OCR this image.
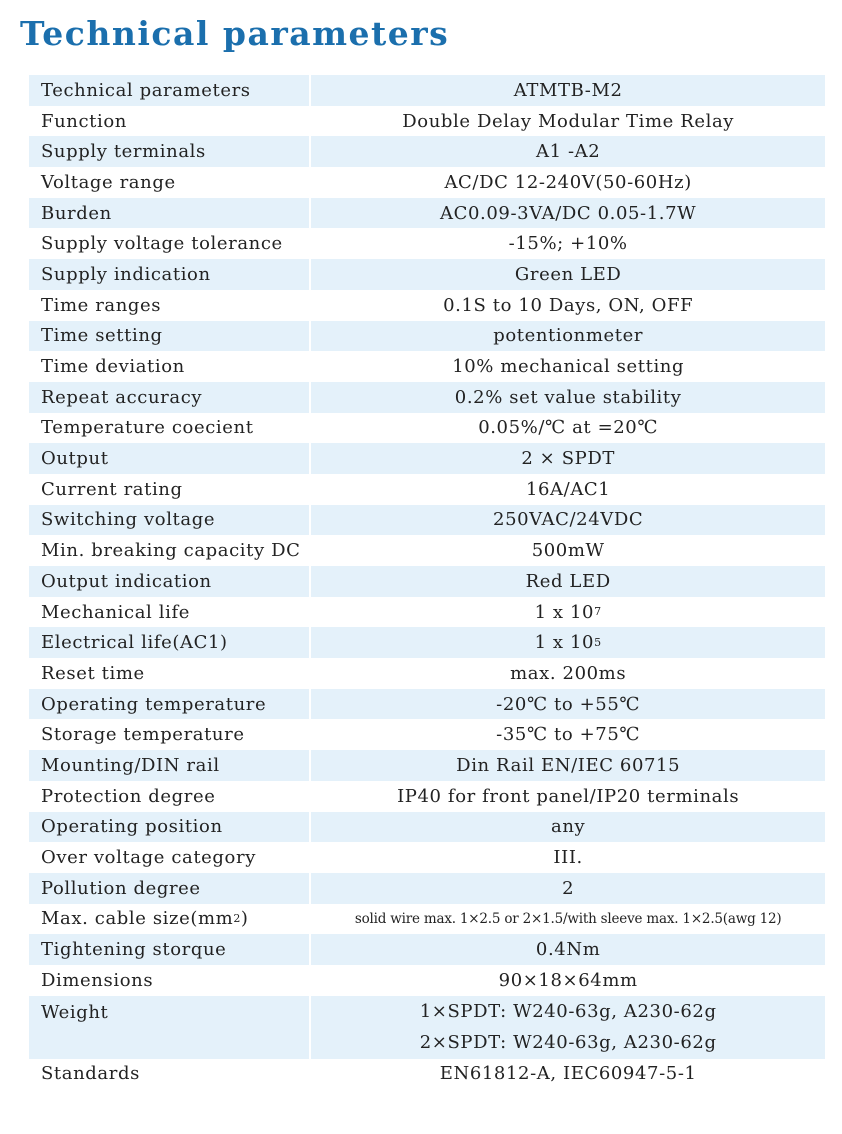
Technical parameters
Technical parameters	ATMTB-M2
Function	Double Delay Modular Time Relay
Supply terminals	A1 -A2
Voltage range	AC/DC 12-240V(50-60Hz)
Burden	AC0.09-3VA/DC 0.05-1.7W
Supply voltage tolerance	-15%; +10%
Supply indication	Green LED
Time ranges	0.1S to 10 Days, ON, OFF
Time setting	potentionmeter
Time deviation	10% mechanical setting
Repeat accuracy	0.2% set value stability
Temperature coecient	0.05%/℃ at =20℃
Output	2 × SPDT
Current rating	16A/AC1
Switching voltage	250VAC/24VDC
Min. breaking capacity DC	500mW
Output indication	Red LED
Mechanical life	1 x 10 7
Electrical life(AC1)	1 x 10 5
Reset time	max. 200ms
Operating temperature	-20℃ to +55℃
Storage temperature	-35℃ to +75℃
Mounting/DIN rail	Din Rail EN/IEC 60715
Protection degree	IP40 for front panel/IP20 terminals
Operating position	any
Over voltage category	III.
Pollution degree	2
Max. cable size(mm 2 )	solid wire max. 1×2.5 or 2×1.5/with sleeve max. 1×2.5(awg 12)
Tightening storque	0.4Nm
Dimensions	90×18×64mm
Weight	1×SPDT: W240-63g, A230-62g
2×SPDT: W240-63g, A230-62g
Standards	EN61812-A, IEC60947-5-1
